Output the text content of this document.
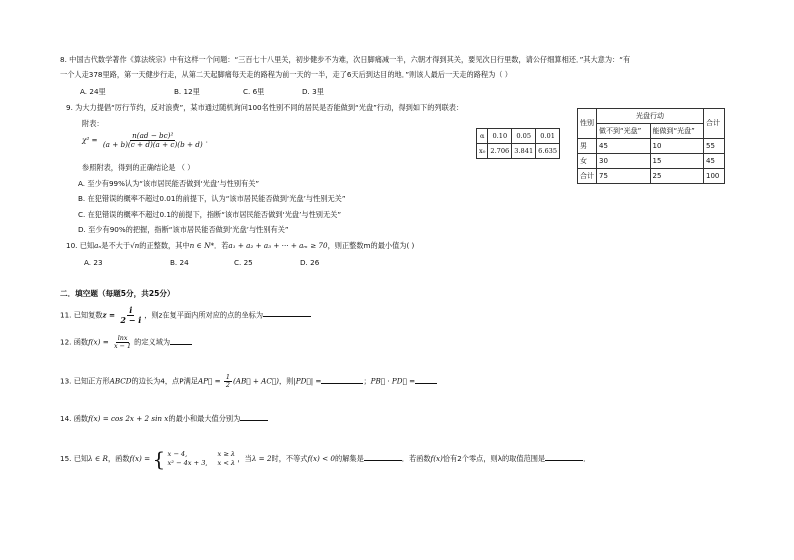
8. 中国古代数学著作《算法统宗》中有这样一个问题：“三百七十八里关，初步健步不为难，次日脚痛减一半，六朝才得到其关，要见次日行里数，请公仔细算相还．”其大意为：“有
一个人走378里路，第一天健步行走，从第二天起脚痛每天走的路程为前一天的一半，走了6天后到达目的地．”则该人最后一天走的路程为（ ）
A. 24里	B. 12里	C. 6里	D. 3里
9. 为大力提倡“厉行节约，反对浪费”，某市通过随机询问100名性别不同的居民是否能做到“光盘”行动，得到如下的列联表：
附表：
$\chi^2 = \frac{\text{n(ad − bc)²}}{(a + b)(c + d)(a + c)(b + d)}$ .
参照附表，得到的正确结论是 （ ）
A. 至少有99%认为“该市居民能否做到‘光盘’与性别有关”
B. 在犯错误的概率不超过0.01的前提下，认为“该市居民能否做到‘光盘’与性别无关”
C. 在犯错误的概率不超过0.1的前提下，指断“该市居民能否做到‘光盘’与性别无关”
D. 至少有90%的把握，指断“该市居民能否做到‘光盘’与性别有关”
α	0.10	0.05	0.01
x₀	2.706	3.841	6.635
性别	光盘行动		合计
	做不到“光盘”	能做到“光盘”	
男	45	10	55
女	30	15	45
合计	75	25	100
10. 已知aₙ是不大于√n的正整数，其中n ∈ N*．若a₁ + a₂ + a₃ + ··· + aₘ ≥ 70，则正整数m的最小值为( )
A. 23	B. 24	C. 25	D. 26
二．填空题（每题5分，共25分）
11. 已知复数$z = \frac{i}{2 - i}$ ，则z在复平面内所对应的点的坐标为
12. 函数$f(x) = \frac{\ln x}{x - 1}$ 的定义域为
13. 已知正方形ABCD的边长为4，点P满足AP⃗ = $\frac{1}{2}$ (AB⃗ + AC⃗)，则|PD⃗| =	；PB⃗ · PD⃗ =
14. 函数f(x) = cos 2x + 2 sin x的最小和最大值分别为
15. 已知λ ∈ R，函数f(x) = { x − 4,	x ≥ λ
x² − 4x + 3, x < λ ，当λ = 2时，不等式f(x) < 0的解集是	．若函数f(x)恰有2个零点，则λ的取值范围是	．
